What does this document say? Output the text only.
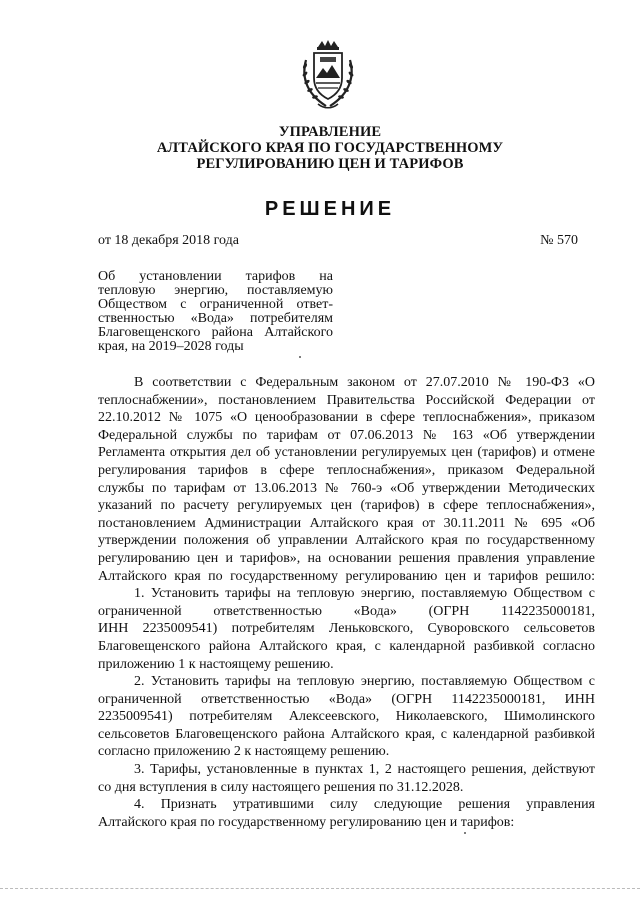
УПРАВЛЕНИЕ
АЛТАЙСКОГО КРАЯ ПО ГОСУДАРСТВЕННОМУ
РЕГУЛИРОВАНИЮ ЦЕН И ТАРИФОВ
РЕШЕНИЕ
от 18 декабря 2018 года	№ 570
Об установлении тарифов на
тепловую энергию, поставляемую
Обществом с ограниченной ответ-
ственностью «Вода» потребителям
Благовещенского района Алтайского
края, на 2019–2028 годы
В соответствии с Федеральным законом от 27.07.2010 № 190-ФЗ «О
теплоснабжении», постановлением Правительства Российской Федерации от
22.10.2012 № 1075 «О ценообразовании в сфере теплоснабжения», приказом
Федеральной службы по тарифам от 07.06.2013 № 163 «Об утверждении
Регламента открытия дел об установлении регулируемых цен (тарифов) и отмене
регулирования тарифов в сфере теплоснабжения», приказом Федеральной
службы по тарифам от 13.06.2013 № 760-э «Об утверждении Методических
указаний по расчету регулируемых цен (тарифов) в сфере теплоснабжения»,
постановлением Администрации Алтайского края от 30.11.2011 № 695 «Об
утверждении положения об управлении Алтайского края по государственному
регулированию цен и тарифов», на основании решения правления управление
Алтайского края по государственному регулированию цен и тарифов решило:
1. Установить тарифы на тепловую энергию, поставляемую Обществом с
ограниченной ответственностью «Вода» (ОГРН 1142235000181,
ИНН 2235009541) потребителям Леньковского, Суворовского сельсоветов
Благовещенского района Алтайского края, с календарной разбивкой согласно
приложению 1 к настоящему решению.
2. Установить тарифы на тепловую энергию, поставляемую Обществом с
ограниченной ответственностью «Вода» (ОГРН 1142235000181, ИНН
2235009541) потребителям Алексеевского, Николаевского, Шимолинского
сельсоветов Благовещенского района Алтайского края, с календарной разбивкой
согласно приложению 2 к настоящему решению.
3. Тарифы, установленные в пунктах 1, 2 настоящего решения, действуют
со дня вступления в силу настоящего решения по 31.12.2028.
4. Признать утратившими силу следующие решения управления
Алтайского края по государственному регулированию цен и тарифов:
